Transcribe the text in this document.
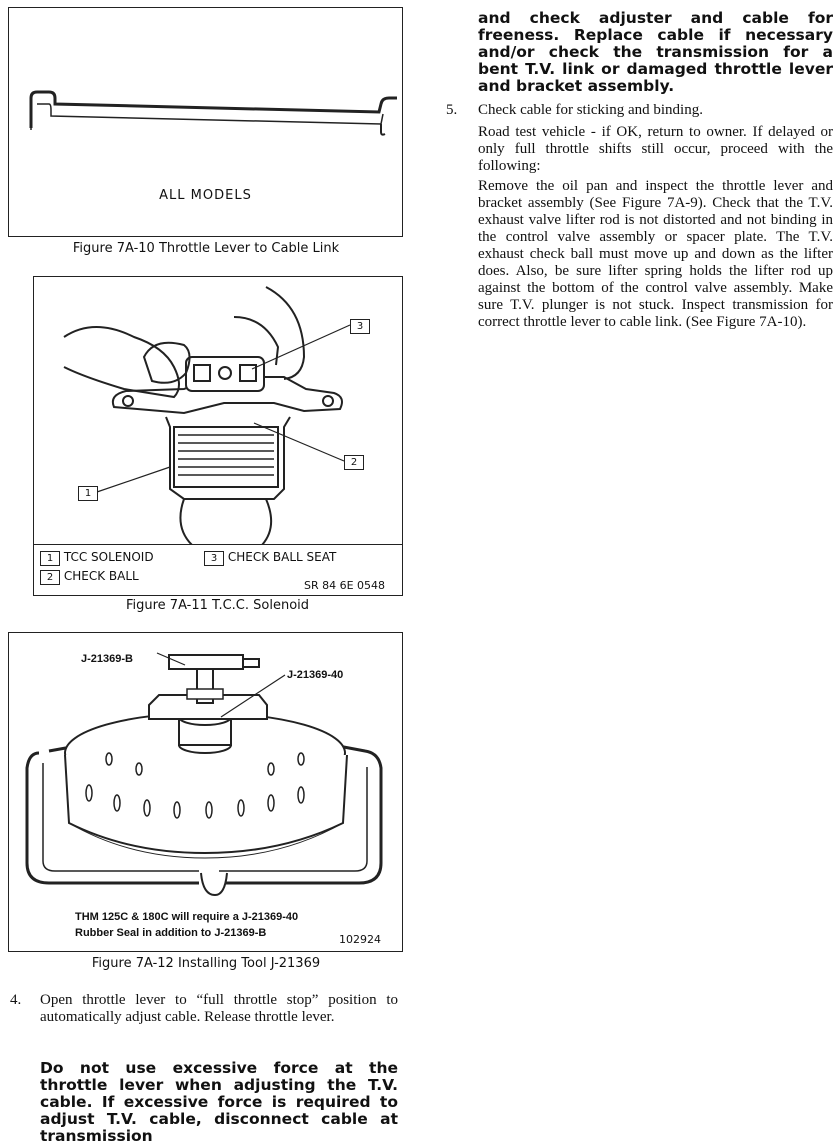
ALL MODELS
Figure 7A-10 Throttle Lever to Cable Link
3
2
1
1 TCC SOLENOID	3 CHECK BALL SEAT
2 CHECK BALL
SR 84 6E 0548
Figure 7A-11 T.C.C. Solenoid
J-21369-B
J-21369-40
THM 125C & 180C will require a J-21369-40
Rubber Seal in addition to J-21369-B	102924
Figure 7A-12 Installing Tool J-21369
4. Open throttle lever to “full throttle stop” position to automatically adjust cable. Release throttle lever.
Do not use excessive force at the throttle lever when adjusting the T.V. cable. If excessive force is required to adjust T.V. cable, disconnect cable at transmission
and check adjuster and cable for freeness. Replace cable if necessary and/or check the transmission for a bent T.V. link or damaged throttle lever and bracket assembly.
5. Check cable for sticking and binding.
Road test vehicle - if OK, return to owner. If delayed or only full throttle shifts still occur, proceed with the following:
Remove the oil pan and inspect the throttle lever and bracket assembly (See Figure 7A-9). Check that the T.V. exhaust valve lifter rod is not distorted and not binding in the control valve assembly or spacer plate. The T.V. exhaust check ball must move up and down as the lifter does. Also, be sure lifter spring holds the lifter rod up against the bottom of the control valve assembly. Make sure T.V. plunger is not stuck. Inspect transmission for correct throttle lever to cable link. (See Figure 7A-10).
